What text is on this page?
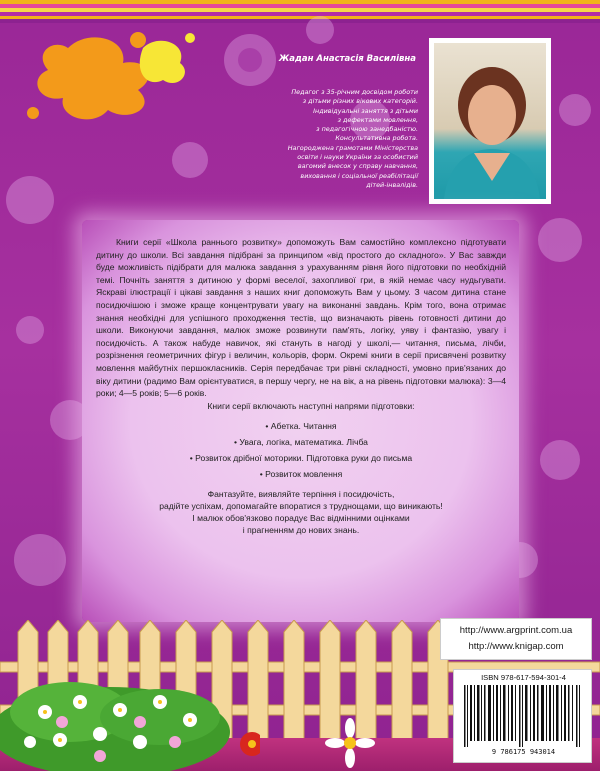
Жадан Анастасія Василівна
Педагог з 35-річним досвідом роботи
з дітьми різних вікових категорій.
Індивідуальні заняття з дітьми
з дефектами мовлення,
з педагогічною занедбаністю.
Консультативна робота.
Нагороджена грамотами Міністерства
освіти і науки України за особистий
вагомий внесок у справу навчання,
виховання і соціальної реабілітації
дітей-інвалідів.

Книги серії «Школа раннього розвитку» допоможуть Вам самостійно комплексно підготувати дитину до школи. Всі завдання підібрані за принципом «від простого до складного». У Вас завжди буде можливість підібрати для малюка завдання з урахуванням рівня його підготовки по необхідній темі. Почніть заняття з дитиною у формі веселої, захопливої гри, в якій немає часу нудьгувати. Яскраві ілюстрації і цікаві завдання з наших книг допоможуть Вам у цьому. З часом дитина стане посидючішою і зможе краще концентрувати увагу на виконанні завдань. Крім того, вона отримає знання необхідні для успішного проходження тестів, що визначають рівень готовності дитини до школи. Виконуючи завдання, малюк зможе розвинути пам'ять, логіку, уяву і фантазію, увагу і посидючість. А також набуде навичок, які стануть в нагоді у школі,— читання, письма, лічби, розрізнення геометричних фігур і величин, кольорів, форм. Окремі книги в серії присвячені розвитку мовлення майбутніх першокласників. Серія передбачає три рівні складності, умовно прив'язаних до віку дитини (радимо Вам орієнтуватися, в першу чергу, не на вік, а на рівень підготовки малюка): 3—4 роки; 4—5 років; 5—6 років.

Книги серії включають наступні напрями підготовки:

• Абетка. Читання
• Увага, логіка, математика. Лічба
• Розвиток дрібної моторики. Підготовка руки до письма
• Розвиток мовлення
Фантазуйте, виявляйте терпіння і посидючість,
радійте успіхам, допомагайте впоратися з труднощами, що виникають!
І малюк обов'язково порадує Вас відмінними оцінками
і прагненням до нових знань.
http://www.argprint.com.ua
http://www.knigap.com
ISBN 978-617-594-301-4
9 786175 943014
